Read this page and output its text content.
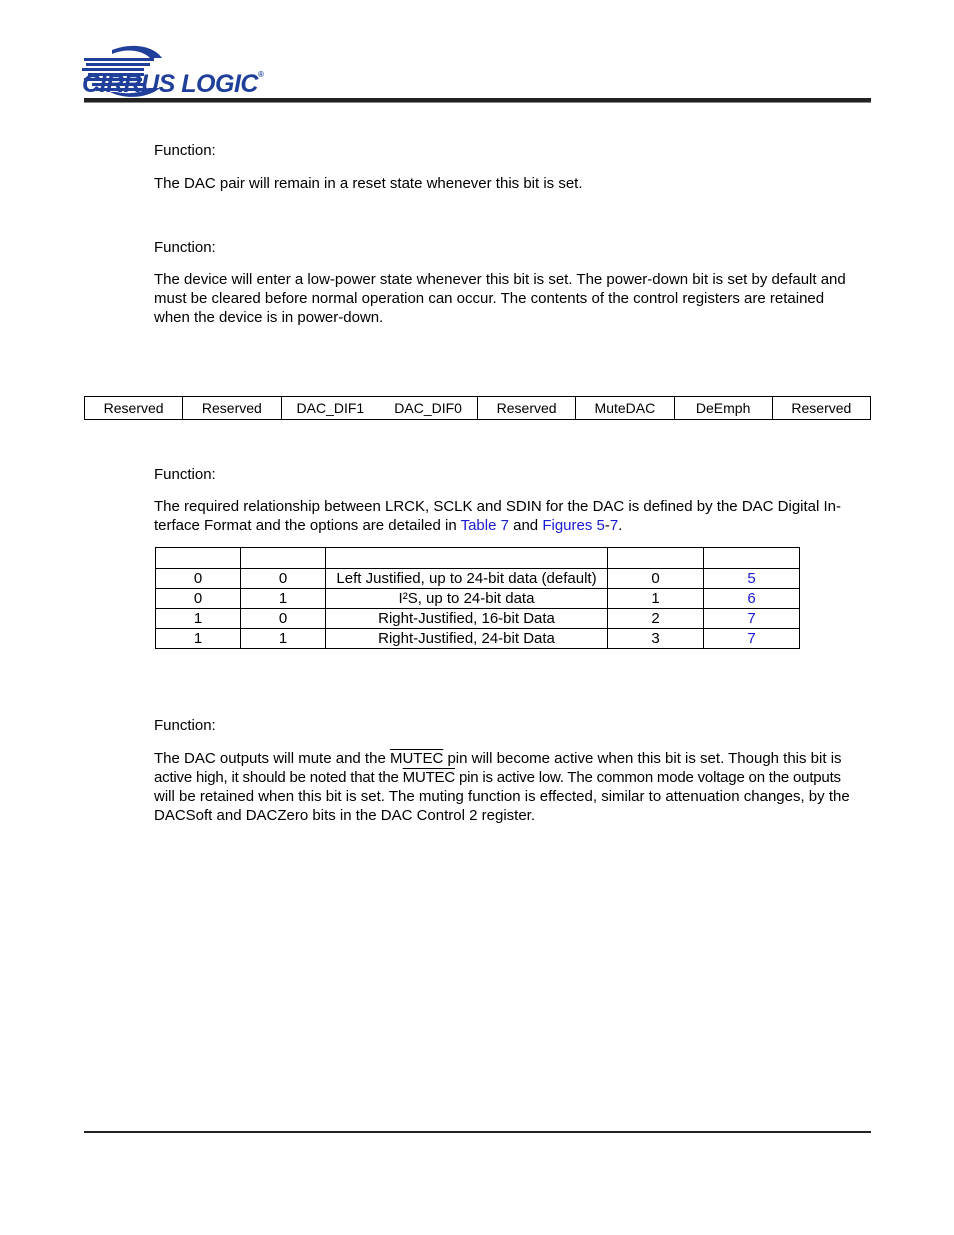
CIRRUS LOGIC®
Function:
The DAC pair will remain in a reset state whenever this bit is set.
Function:
The device will enter a low-power state whenever this bit is set. The power-down bit is set by default and
must be cleared before normal operation can occur. The contents of the control registers are retained
when the device is in power-down.
Reserved	Reserved	DAC_DIF1	DAC_DIF0	Reserved	MuteDAC	DeEmph	Reserved
Function:
The required relationship between LRCK, SCLK and SDIN for the DAC is defined by the DAC Digital In-
terface Format and the options are detailed in Table 7 and Figures 5-7.

0	0	Left Justified, up to 24-bit data (default)	0	5
0	1	I²S, up to 24-bit data	1	6
1	0	Right-Justified, 16-bit Data	2	7
1	1	Right-Justified, 24-bit Data	3	7
Function:
The DAC outputs will mute and the MUTEC pin will become active when this bit is set. Though this bit is
active high, it should be noted that the MUTEC pin is active low. The common mode voltage on the outputs
will be retained when this bit is set. The muting function is effected, similar to attenuation changes, by the
DACSoft and DACZero bits in the DAC Control 2 register.
